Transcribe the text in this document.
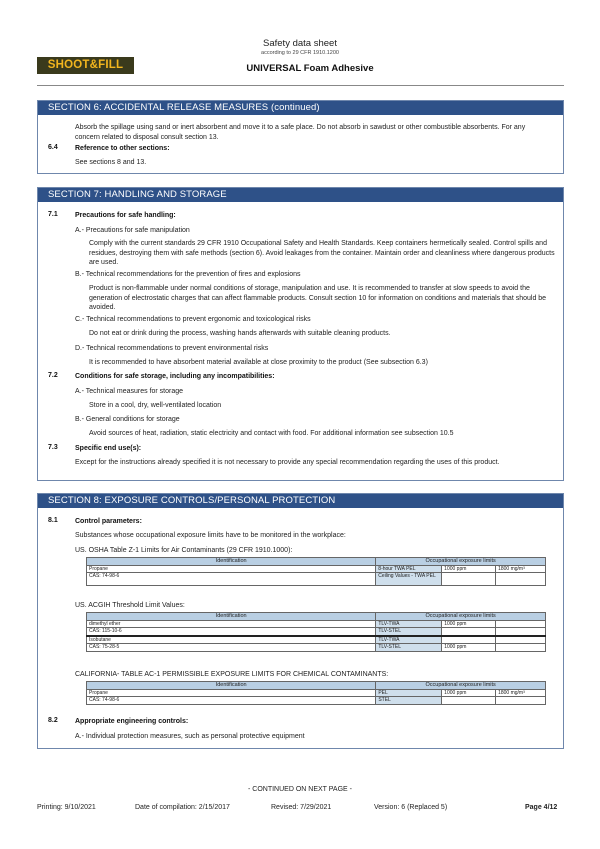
SHOOT&FILL
Safety data sheet
according to 29 CFR 1910.1200
UNIVERSAL Foam Adhesive
SECTION 6: ACCIDENTAL RELEASE MEASURES (continued)
Absorb the spillage using sand or inert absorbent and move it to a safe place. Do not absorb in sawdust or other combustible absorbents. For any concern related to disposal consult section 13.
6.4 Reference to other sections:
See sections 8 and 13.
SECTION 7: HANDLING AND STORAGE
7.1 Precautions for safe handling:
A.- Precautions for safe manipulation
Comply with the current standards 29 CFR 1910 Occupational Safety and Health Standards. Keep containers hermetically sealed. Control spills and residues, destroying them with safe methods (section 6). Avoid leakages from the container. Maintain order and cleanliness where dangerous products are used.
B.- Technical recommendations for the prevention of fires and explosions
Product is non-flammable under normal conditions of storage, manipulation and use. It is recommended to transfer at slow speeds to avoid the generation of electrostatic charges that can affect flammable products. Consult section 10 for information on conditions and materials that should be avoided.
C.- Technical recommendations to prevent ergonomic and toxicological risks
Do not eat or drink during the process, washing hands afterwards with suitable cleaning products.
D.- Technical recommendations to prevent environmental risks
It is recommended to have absorbent material available at close proximity to the product (See subsection 6.3)
7.2 Conditions for safe storage, including any incompatibilities:
A.- Technical measures for storage
Store in a cool, dry, well-ventilated location
B.- General conditions for storage
Avoid sources of heat, radiation, static electricity and contact with food. For additional information see subsection 10.5
7.3 Specific end use(s):
Except for the instructions already specified it is not necessary to provide any special recommendation regarding the uses of this product.
SECTION 8: EXPOSURE CONTROLS/PERSONAL PROTECTION
8.1 Control parameters:
Substances whose occupational exposure limits have to be monitored in the workplace:
US. OSHA Table Z-1 Limits for Air Contaminants (29 CFR 1910.1000):
Identification	Occupational exposure limits		
Propane	8-hour TWA PEL	1000 ppm	1800 mg/m³
CAS: 74-98-6	Ceiling Values - TWA PEL		
US. ACGIH Threshold Limit Values:
Identification	Occupational exposure limits		
dimethyl ether	TLV-TWA	1000 ppm	
CAS: 115-10-6	TLV-STEL		
Isobutane	TLV-TWA		
CAS: 75-28-5	TLV-STEL	1000 ppm	
CALIFORNIA- TABLE AC-1 PERMISSIBLE EXPOSURE LIMITS FOR CHEMICAL CONTAMINANTS:
Identification	Occupational exposure limits		
Propane	PEL	1000 ppm	1800 mg/m³
CAS: 74-98-6	STEL		
8.2 Appropriate engineering controls:
A.- Individual protection measures, such as personal protective equipment
- CONTINUED ON NEXT PAGE -
Printing: 9/10/2021	Date of compilation: 2/15/2017	Revised: 7/29/2021	Version: 6 (Replaced 5)	Page 4/12
